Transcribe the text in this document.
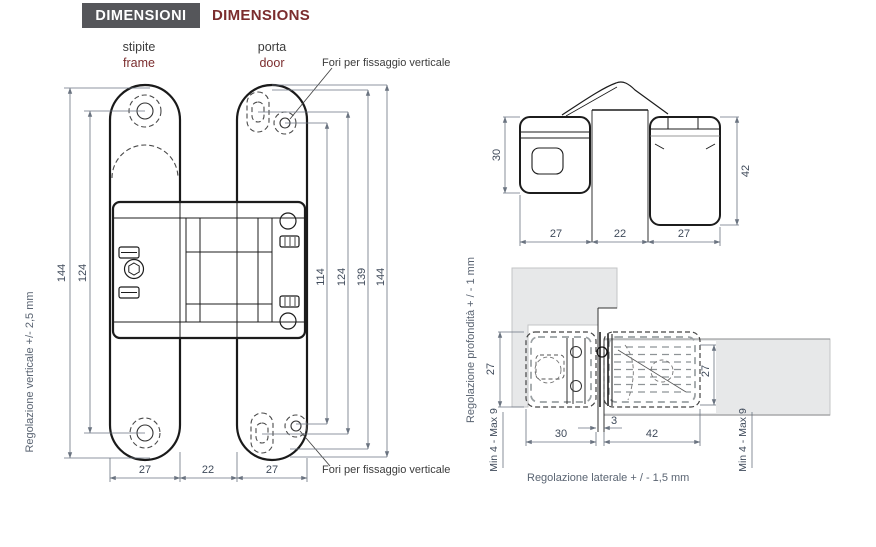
DIMENSIONI	DIMENSIONS
stipite
frame
porta
door	Fori per fissaggio verticale
Fori per fissaggio verticale
Regolazione verticale +/- 2,5 mm
144 124	114 124 139 144
27	22	27
30
42
27	22	27
Regolazione profondità + / - 1 mm 27
Min 4 - Max 9
27
Min 4 - Max 9
30
3
42
Regolazione laterale + / - 1,5 mm
